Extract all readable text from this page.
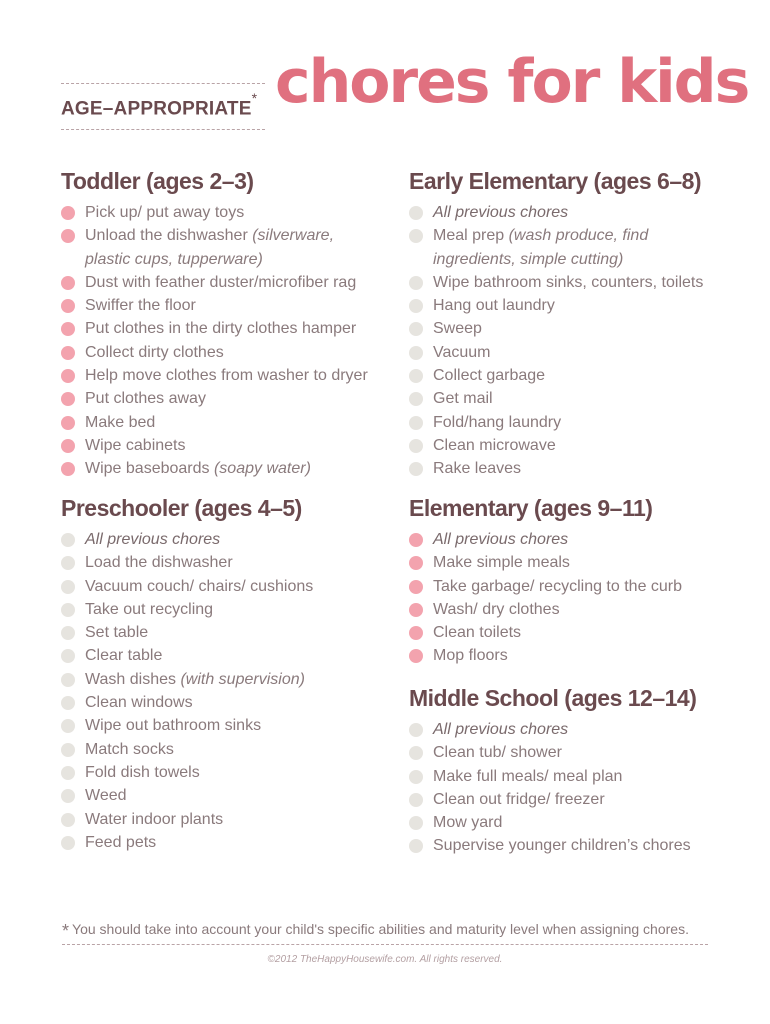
AGE–APPROPRIATE* chores for kids
Toddler (ages 2–3)
Pick up/ put away toys
Unload the dishwasher (silverware,
plastic cups, tupperware)
Dust with feather duster/microfiber rag
Swiffer the floor
Put clothes in the dirty clothes hamper
Collect dirty clothes
Help move clothes from washer to dryer
Put clothes away
Make bed
Wipe cabinets
Wipe baseboards (soapy water)
Early Elementary (ages 6–8)
All previous chores
Meal prep (wash produce, find
ingredients, simple cutting)
Wipe bathroom sinks, counters, toilets
Hang out laundry
Sweep
Vacuum
Collect garbage
Get mail
Fold/hang laundry
Clean microwave
Rake leaves
Preschooler (ages 4–5)
All previous chores
Load the dishwasher
Vacuum couch/ chairs/ cushions
Take out recycling
Set table
Clear table
Wash dishes (with supervision)
Clean windows
Wipe out bathroom sinks
Match socks
Fold dish towels
Weed
Water indoor plants
Feed pets
Elementary (ages 9–11)
All previous chores
Make simple meals
Take garbage/ recycling to the curb
Wash/ dry clothes
Clean toilets
Mop floors
Middle School (ages 12–14)
All previous chores
Clean tub/ shower
Make full meals/ meal plan
Clean out fridge/ freezer
Mow yard
Supervise younger children’s chores
* You should take into account your child's specific abilities and maturity level when assigning chores.
©2012 TheHappyHousewife.com. All rights reserved.
